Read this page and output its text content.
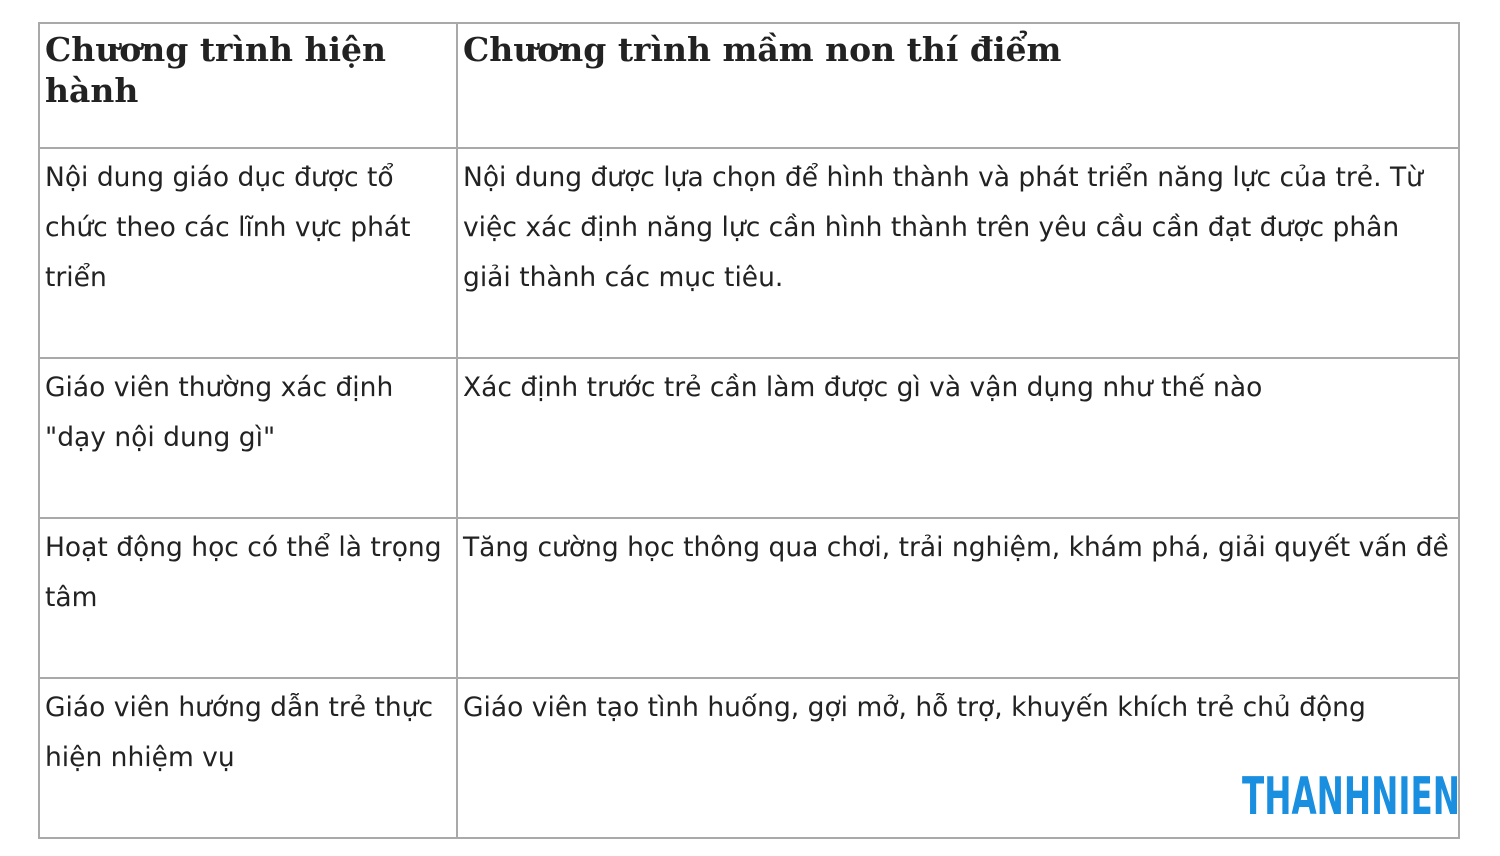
Chương trình hiện hành	Chương trình mầm non thí điểm
Nội dung giáo dục được tổ chức theo các lĩnh vực phát triển	Nội dung được lựa chọn để hình thành và phát triển năng lực của trẻ. Từ việc xác định năng lực cần hình thành trên yêu cầu cần đạt được phân giải thành các mục tiêu.
Giáo viên thường xác định "dạy nội dung gì"	Xác định trước trẻ cần làm được gì và vận dụng như thế nào
Hoạt động học có thể là trọng tâm	Tăng cường học thông qua chơi, trải nghiệm, khám phá, giải quyết vấn đề
Giáo viên hướng dẫn trẻ thực hiện nhiệm vụ	Giáo viên tạo tình huống, gợi mở, hỗ trợ, khuyến khích trẻ chủ động
THANHNIEN
